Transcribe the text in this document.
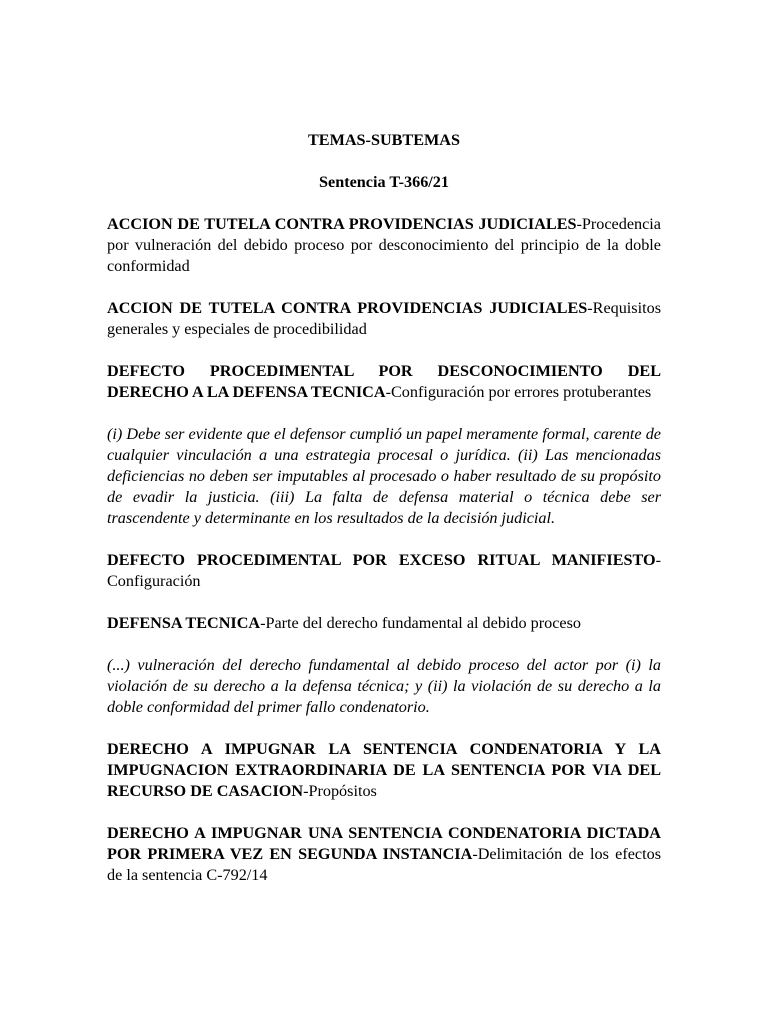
TEMAS-SUBTEMAS

Sentencia T-366/21

ACCION DE TUTELA CONTRA PROVIDENCIAS JUDICIALES-Procedencia por vulneración del debido proceso por desconocimiento del principio de la doble conformidad

ACCION DE TUTELA CONTRA PROVIDENCIAS JUDICIALES-Requisitos generales y especiales de procedibilidad

DEFECTO PROCEDIMENTAL POR DESCONOCIMIENTO DEL DERECHO A LA DEFENSA TECNICA-Configuración por errores protuberantes

(i) Debe ser evidente que el defensor cumplió un papel meramente formal, carente de cualquier vinculación a una estrategia procesal o jurídica. (ii) Las mencionadas deficiencias no deben ser imputables al procesado o haber resultado de su propósito de evadir la justicia. (iii) La falta de defensa material o técnica debe ser trascendente y determinante en los resultados de la decisión judicial.

DEFECTO PROCEDIMENTAL POR EXCESO RITUAL MANIFIESTO-Configuración

DEFENSA TECNICA-Parte del derecho fundamental al debido proceso

(...) vulneración del derecho fundamental al debido proceso del actor por (i) la violación de su derecho a la defensa técnica; y (ii) la violación de su derecho a la doble conformidad del primer fallo condenatorio.

DERECHO A IMPUGNAR LA SENTENCIA CONDENATORIA Y LA IMPUGNACION EXTRAORDINARIA DE LA SENTENCIA POR VIA DEL RECURSO DE CASACION-Propósitos

DERECHO A IMPUGNAR UNA SENTENCIA CONDENATORIA DICTADA POR PRIMERA VEZ EN SEGUNDA INSTANCIA-Delimitación de los efectos de la sentencia C-792/14
